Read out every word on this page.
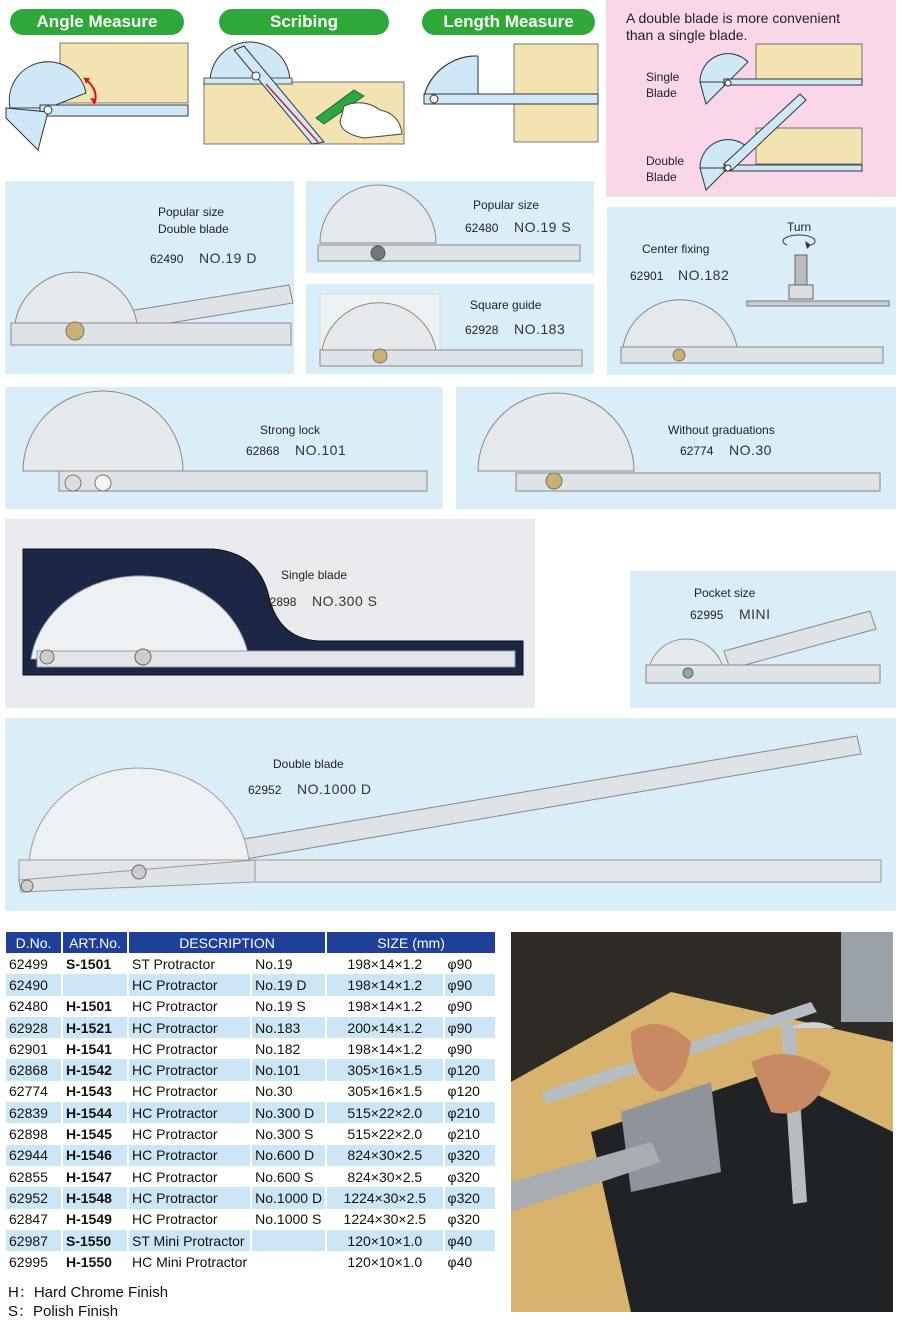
Angle Measure	Scribing	Length Measure	A double blade is more convenient
than a single blade.
Single
Blade
Double
Blade
Popular size
Double blade
62490 NO.19 D
Popular size
62480 NO.19 S
Square guide
62928 NO.183
Turn
Center fixing
62901 NO.182
Strong lock
62868 NO.101
Without graduations
62774 NO.30
Single blade
62898 NO.300 S	Pocket size
62995 MINI
Double blade
62952 NO.1000 D
D.No.	ART.No.	DESCRIPTION		SIZE (mm)	
62499	S-1501	ST Protractor	No.19	198×14×1.2	φ90
62490		HC Protractor	No.19 D	198×14×1.2	φ90
62480	H-1501	HC Protractor	No.19 S	198×14×1.2	φ90
62928	H-1521	HC Protractor	No.183	200×14×1.2	φ90
62901	H-1541	HC Protractor	No.182	198×14×1.2	φ90
62868	H-1542	HC Protractor	No.101	305×16×1.5	φ120
62774	H-1543	HC Protractor	No.30	305×16×1.5	φ120
62839	H-1544	HC Protractor	No.300 D	515×22×2.0	φ210
62898	H-1545	HC Protractor	No.300 S	515×22×2.0	φ210
62944	H-1546	HC Protractor	No.600 D	824×30×2.5	φ320
62855	H-1547	HC Protractor	No.600 S	824×30×2.5	φ320
62952	H-1548	HC Protractor	No.1000 D	1224×30×2.5	φ320
62847	H-1549	HC Protractor	No.1000 S	1224×30×2.5	φ320
62987	S-1550	ST Mini Protractor		120×10×1.0	φ40
62995	H-1550	HC Mini Protractor		120×10×1.0	φ40
H：Hard Chrome Finish
S：Polish Finish
